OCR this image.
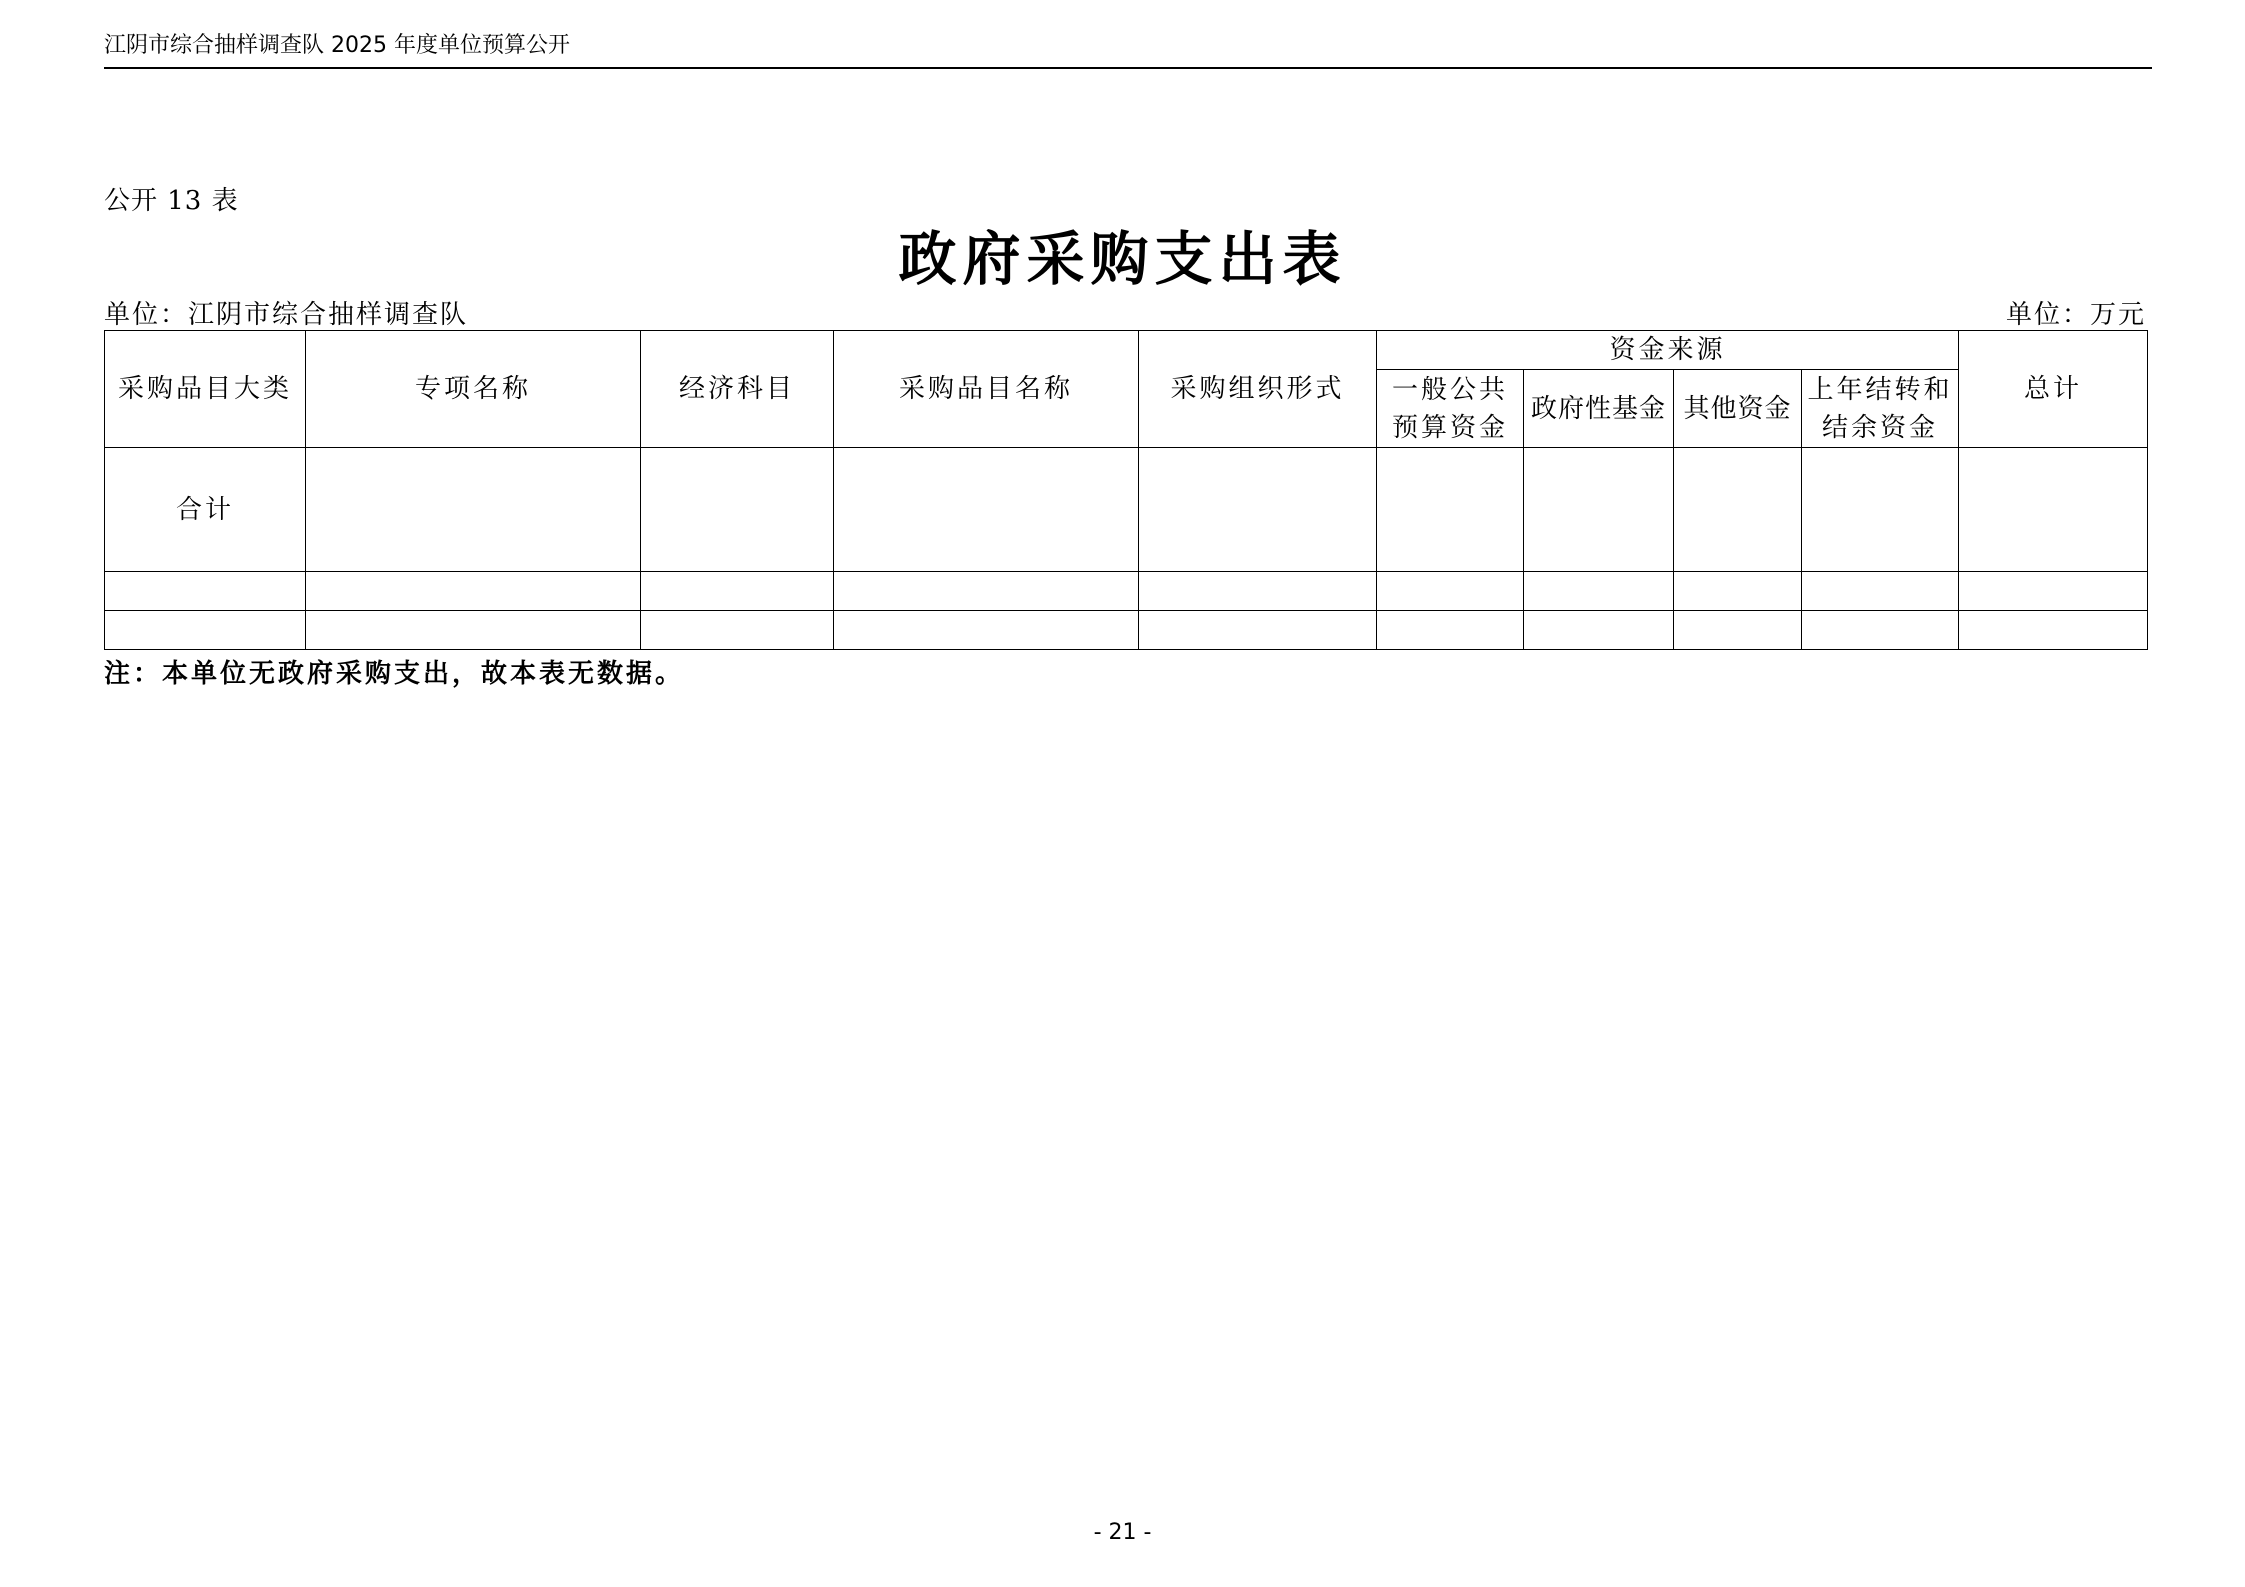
江阴市综合抽样调查队 2025 年度单位预算公开
公开 13 表
政府采购支出表
单位：江阴市综合抽样调查队	单位：万元
采购品目大类	专项名称	经济科目	采购品目名称	采购组织形式	资金来源				总计
					一般公共预算资金	政府性基金	其他资金	上年结转和结余资金	
合计									

注：本单位无政府采购支出，故本表无数据。
- 21 -
